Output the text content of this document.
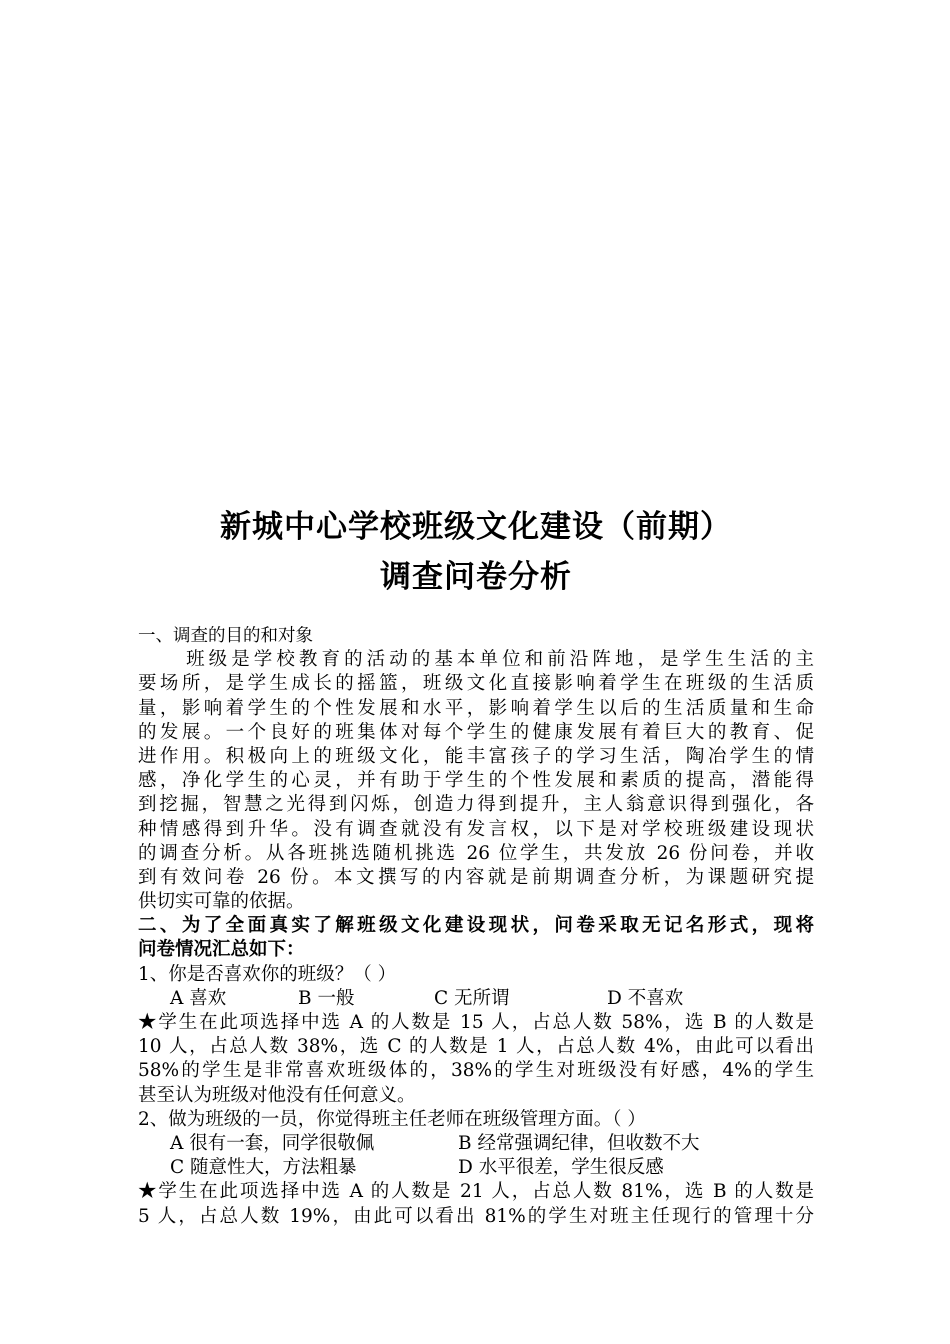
新城中心学校班级文化建设（前期）
调查问卷分析
一、调查的目的和对象
班级是学校教育的活动的基本单位和前沿阵地，是学生生活的主
要场所，是学生成长的摇篮，班级文化直接影响着学生在班级的生活质
量，影响着学生的个性发展和水平，影响着学生以后的生活质量和生命
的发展。一个良好的班集体对每个学生的健康发展有着巨大的教育、促
进作用。积极向上的班级文化，能丰富孩子的学习生活，陶冶学生的情
感，净化学生的心灵，并有助于学生的个性发展和素质的提高，潜能得
到挖掘，智慧之光得到闪烁，创造力得到提升，主人翁意识得到强化，各
种情感得到升华。没有调查就没有发言权，以下是对学校班级建设现状
的调查分析。从各班挑选随机挑选 26 位学生，共发放 26 份问卷，并收
到有效问卷 26 份。本文撰写的内容就是前期调查分析，为课题研究提
供切实可靠的依据。
二、为了全面真实了解班级文化建设现状，问卷采取无记名形式，现将
问卷情况汇总如下：
1、你是否喜欢你的班级？（ ）
A 喜欢	B 一般	C 无所谓	D 不喜欢
★学生在此项选择中选 A 的人数是 15 人，占总人数 58%，选 B 的人数是
10 人，占总人数 38%，选 C 的人数是 1 人，占总人数 4%，由此可以看出
58%的学生是非常喜欢班级体的，38%的学生对班级没有好感，4%的学生
甚至认为班级对他没有任何意义。
2、做为班级的一员，你觉得班主任老师在班级管理方面。（ ）
A 很有一套，同学很敬佩	B 经常强调纪律，但收数不大
C 随意性大，方法粗暴	D 水平很差，学生很反感
★学生在此项选择中选 A 的人数是 21 人，占总人数 81%，选 B 的人数是
5 人，占总人数 19%，由此可以看出 81%的学生对班主任现行的管理十分
